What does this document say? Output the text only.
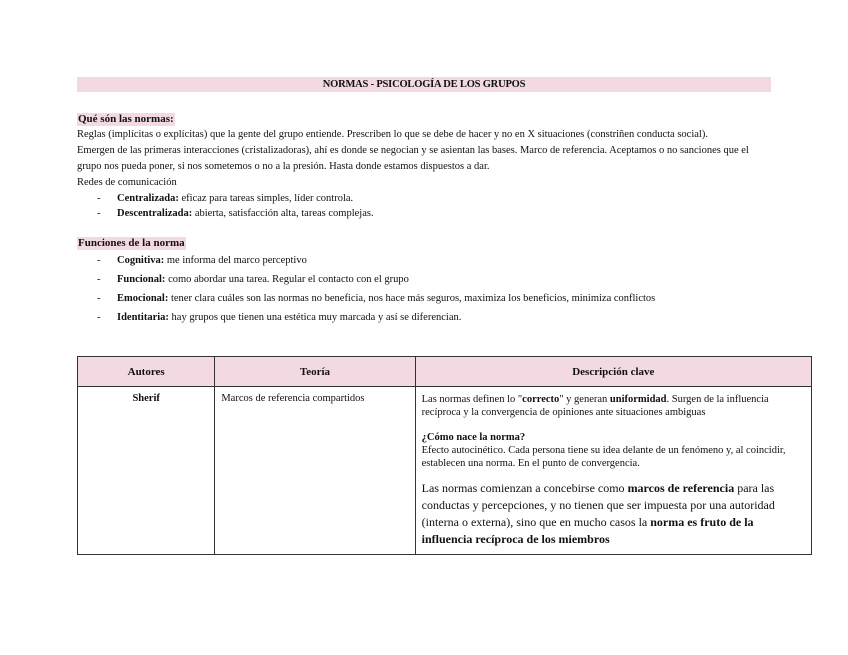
NORMAS - PSICOLOGÍA DE LOS GRUPOS
Qué són las normas:

Reglas (implícitas o explícitas) que la gente del grupo entiende. Prescriben lo que se debe de hacer y no en X situaciones (constriñen conducta social).

Emergen de las primeras interacciones (cristalizadoras), ahí es donde se negocian y se asientan las bases. Marco de referencia. Aceptamos o no sanciones que el grupo nos pueda poner, si nos sometemos o no a la presión. Hasta donde estamos dispuestos a dar.

Redes de comunicación

- Centralizada: eficaz para tareas simples, líder controla.
- Descentralizada: abierta, satisfacción alta, tareas complejas.
Funciones de la norma
- Cognitiva: me informa del marco perceptivo
- Funcional: como abordar una tarea. Regular el contacto con el grupo
- Emocional: tener clara cuáles son las normas no beneficia, nos hace más seguros, maximiza los beneficios, minimiza conflictos
- Identitaria: hay grupos que tienen una estética muy marcada y así se diferencian.
Autores	Teoría	Descripción clave
Sherif	Marcos de referencia compartidos	Las normas definen lo "correcto" y generan uniformidad. Surgen de la influencia recíproca y la convergencia de opiniones ante situaciones ambiguas

¿Cómo nace la norma?

Efecto autocinético. Cada persona tiene su idea delante de un fenómeno y, al coincidir, establecen una norma. En el punto de convergencia.

Las normas comienzan a concebirse como marcos de referencia para las conductas y percepciones, y no tienen que ser impuesta por una autoridad (interna o externa), sino que en mucho casos la norma es fruto de la influencia recíproca de los miembros
